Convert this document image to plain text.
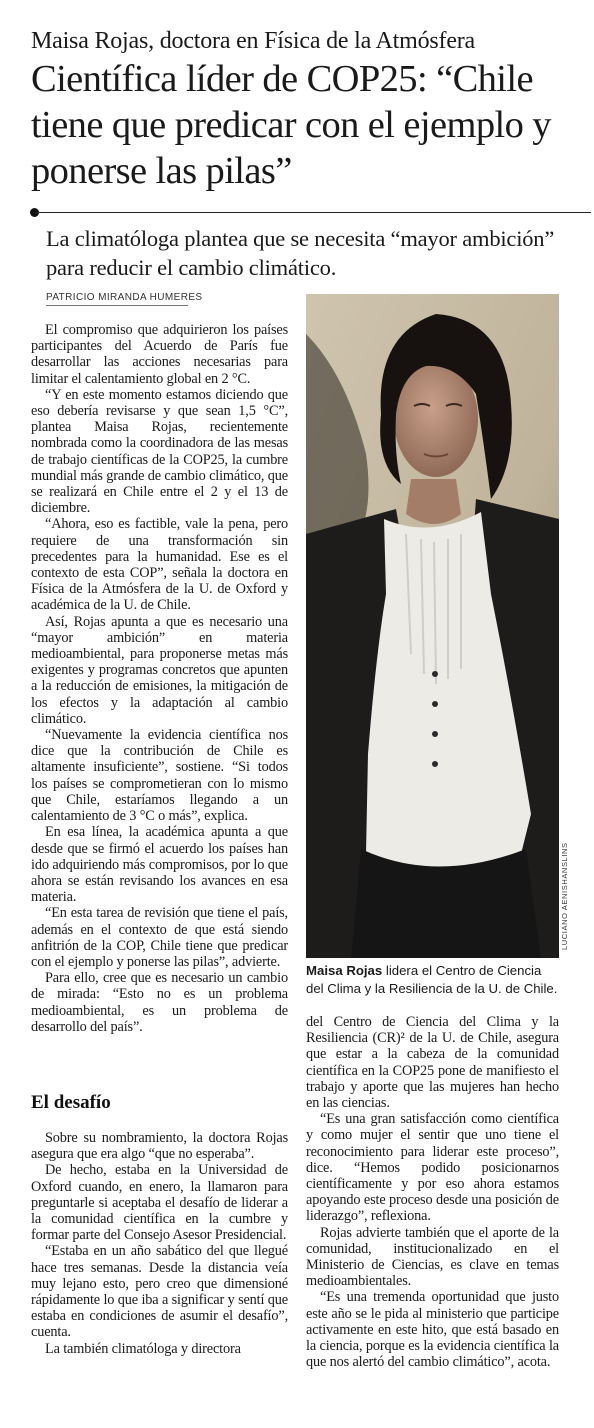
Maisa Rojas, doctora en Física de la Atmósfera
Científica líder de COP25: “Chile tiene que predicar con el ejemplo y ponerse las pilas”
La climatóloga plantea que se necesita “mayor ambición” para reducir el cambio climático.
PATRICIO MIRANDA HUMERES

El compromiso que adquirieron los países participantes del Acuerdo de París fue desarrollar las acciones necesarias para limitar el calentamiento global en 2 °C.

“Y en este momento estamos diciendo que eso debería revisarse y que sean 1,5 °C”, plantea Maisa Rojas, recientemente nombrada como la coordinadora de las mesas de trabajo científicas de la COP25, la cumbre mundial más grande de cambio climático, que se realizará en Chile entre el 2 y el 13 de diciembre.

“Ahora, eso es factible, vale la pena, pero requiere de una transformación sin precedentes para la humanidad. Ese es el contexto de esta COP”, señala la doctora en Física de la Atmósfera de la U. de Oxford y académica de la U. de Chile.

Así, Rojas apunta a que es necesario una “mayor ambición” en materia medioambiental, para proponerse metas más exigentes y programas concretos que apunten a la reducción de emisiones, la mitigación de los efectos y la adaptación al cambio climático.

“Nuevamente la evidencia científica nos dice que la contribución de Chile es altamente insuficiente”, sostiene. “Si todos los países se comprometieran con lo mismo que Chile, estaríamos llegando a un calentamiento de 3 °C o más”, explica.

En esa línea, la académica apunta a que desde que se firmó el acuerdo los países han ido adquiriendo más compromisos, por lo que ahora se están revisando los avances en esa materia.

“En esta tarea de revisión que tiene el país, además en el contexto de que está siendo anfitrión de la COP, Chile tiene que predicar con el ejemplo y ponerse las pilas”, advierte.

Para ello, cree que es necesario un cambio de mirada: “Esto no es un problema medioambiental, es un problema de desarrollo del país”.

El desafío

Sobre su nombramiento, la doctora Rojas asegura que era algo “que no esperaba”.

De hecho, estaba en la Universidad de Oxford cuando, en enero, la llamaron para preguntarle si aceptaba el desafío de liderar a la comunidad científica en la cumbre y formar parte del Consejo Asesor Presidencial.

“Estaba en un año sabático del que llegué hace tres semanas. Desde la distancia veía muy lejano esto, pero creo que dimensioné rápidamente lo que iba a significar y sentí que estaba en condiciones de asumir el desafío”, cuenta.

La también climatóloga y directora

LUCIANO AENISHANSLINS
Maisa Rojas lidera el Centro de Ciencia del Clima y la Resiliencia de la U. de Chile.

del Centro de Ciencia del Clima y la Resiliencia (CR)² de la U. de Chile, asegura que estar a la cabeza de la comunidad científica en la COP25 pone de manifiesto el trabajo y aporte que las mujeres han hecho en las ciencias.

“Es una gran satisfacción como científica y como mujer el sentir que uno tiene el reconocimiento para liderar este proceso”, dice. “Hemos podido posicionarnos científicamente y por eso ahora estamos apoyando este proceso desde una posición de liderazgo”, reflexiona.

Rojas advierte también que el aporte de la comunidad, institucionalizado en el Ministerio de Ciencias, es clave en temas medioambientales.

“Es una tremenda oportunidad que justo este año se le pida al ministerio que participe activamente en este hito, que está basado en la ciencia, porque es la evidencia científica la que nos alertó del cambio climático”, acota.
